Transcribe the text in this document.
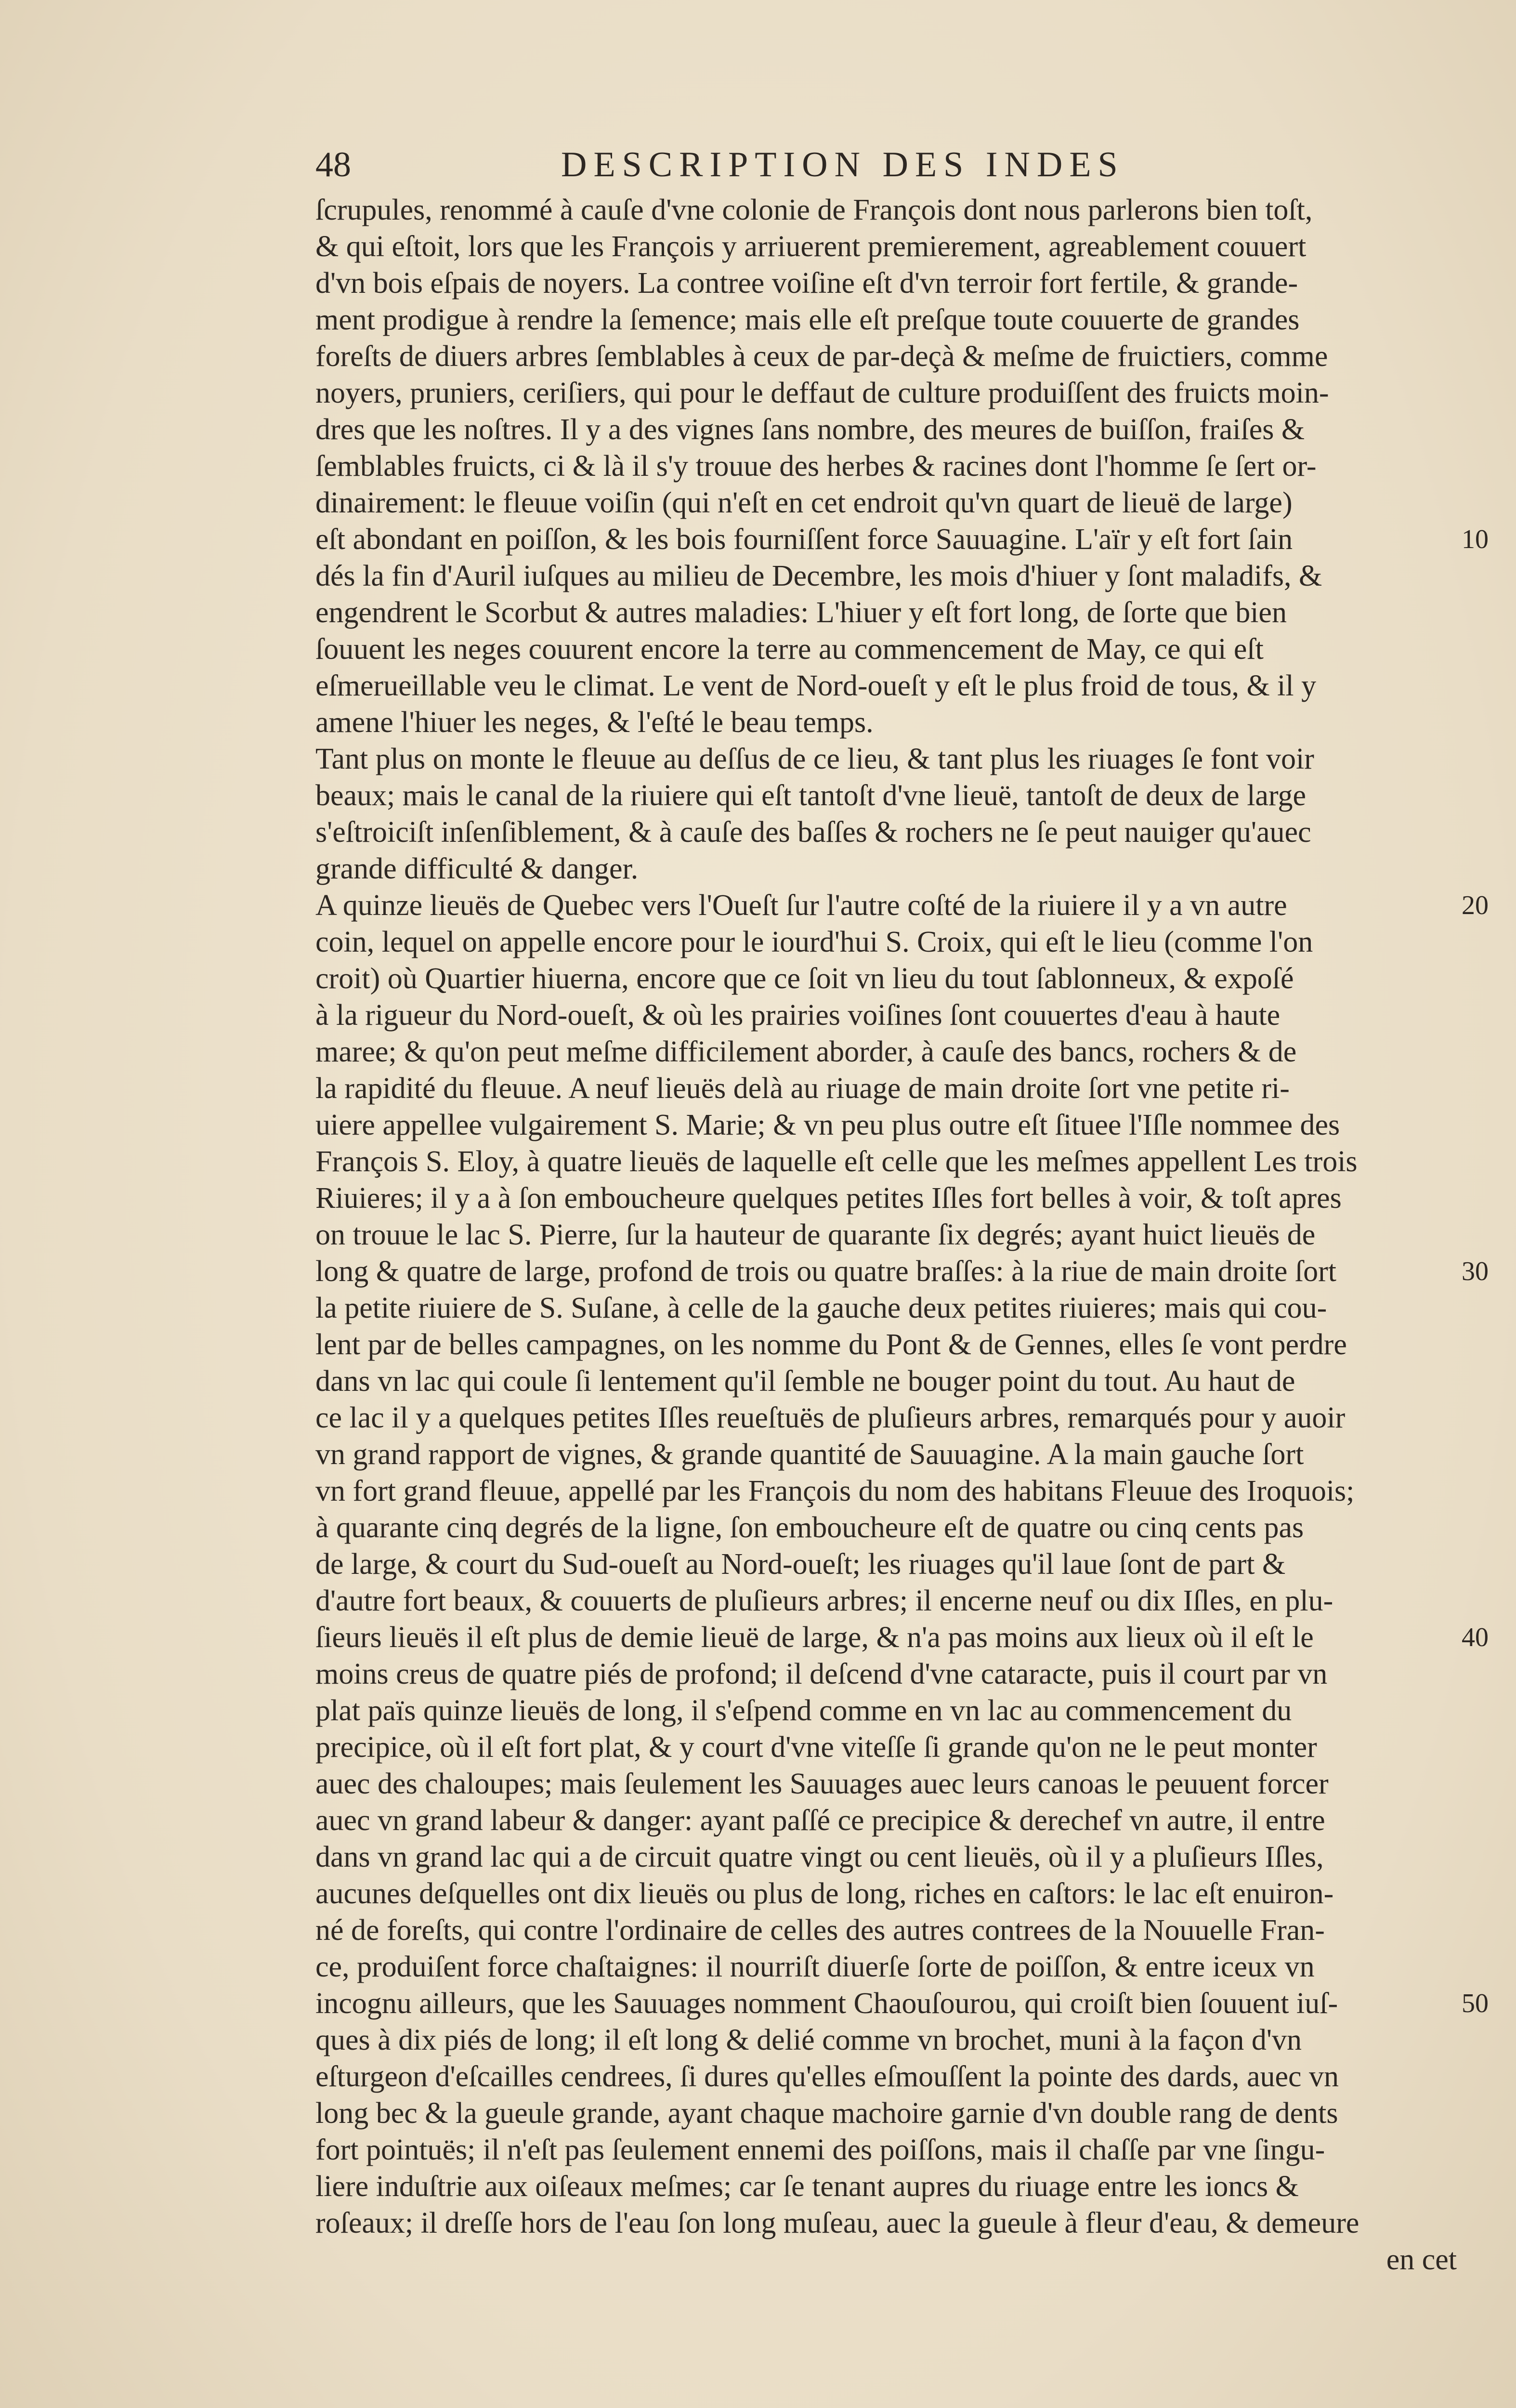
48	DESCRIPTION DES INDES
ſcrupules, renommé à cauſe d'vne colonie de François dont nous parlerons bien toſt,
& qui eſtoit, lors que les François y arriuerent premierement, agreablement couuert
d'vn bois eſpais de noyers. La contree voiſine eſt d'vn terroir fort fertile, & grande-
ment prodigue à rendre la ſemence; mais elle eſt preſque toute couuerte de grandes
foreſts de diuers arbres ſemblables à ceux de par-deçà & meſme de fruictiers, comme
noyers, pruniers, ceriſiers, qui pour le deffaut de culture produiſſent des fruicts moin-
dres que les noſtres. Il y a des vignes ſans nombre, des meures de buiſſon, fraiſes &
ſemblables fruicts, ci & là il s'y trouue des herbes & racines dont l'homme ſe ſert or-
dinairement: le fleuue voiſin (qui n'eſt en cet endroit qu'vn quart de lieuë de large)
eſt abondant en poiſſon, & les bois fourniſſent force Sauuagine. L'aïr y eſt fort ſain
dés la fin d'Auril iuſques au milieu de Decembre, les mois d'hiuer y ſont maladifs, &
engendrent le Scorbut & autres maladies: L'hiuer y eſt fort long, de ſorte que bien
ſouuent les neges couurent encore la terre au commencement de May, ce qui eſt
eſmerueillable veu le climat. Le vent de Nord-oueſt y eſt le plus froid de tous, & il y
amene l'hiuer les neges, & l'eſté le beau temps.
Tant plus on monte le fleuue au deſſus de ce lieu, & tant plus les riuages ſe font voir
beaux; mais le canal de la riuiere qui eſt tantoſt d'vne lieuë, tantoſt de deux de large
s'eſtroiciſt inſenſiblement, & à cauſe des baſſes & rochers ne ſe peut nauiger qu'auec
grande difficulté & danger.
A quinze lieuës de Quebec vers l'Oueſt ſur l'autre coſté de la riuiere il y a vn autre
coin, lequel on appelle encore pour le iourd'hui S. Croix, qui eſt le lieu (comme l'on
croit) où Quartier hiuerna, encore que ce ſoit vn lieu du tout ſablonneux, & expoſé
à la rigueur du Nord-oueſt, & où les prairies voiſines ſont couuertes d'eau à haute
maree; & qu'on peut meſme difficilement aborder, à cauſe des bancs, rochers & de
la rapidité du fleuue. A neuf lieuës delà au riuage de main droite ſort vne petite ri-
uiere appellee vulgairement S. Marie; & vn peu plus outre eſt ſituee l'Iſle nommee des
François S. Eloy, à quatre lieuës de laquelle eſt celle que les meſmes appellent Les trois
Riuieres; il y a à ſon emboucheure quelques petites Iſles fort belles à voir, & toſt apres
on trouue le lac S. Pierre, ſur la hauteur de quarante ſix degrés; ayant huict lieuës de
long & quatre de large, profond de trois ou quatre braſſes: à la riue de main droite ſort
la petite riuiere de S. Suſane, à celle de la gauche deux petites riuieres; mais qui cou-
lent par de belles campagnes, on les nomme du Pont & de Gennes, elles ſe vont perdre
dans vn lac qui coule ſi lentement qu'il ſemble ne bouger point du tout. Au haut de
ce lac il y a quelques petites Iſles reueſtuës de pluſieurs arbres, remarqués pour y auoir
vn grand rapport de vignes, & grande quantité de Sauuagine. A la main gauche ſort
vn fort grand fleuue, appellé par les François du nom des habitans Fleuue des Iroquois;
à quarante cinq degrés de la ligne, ſon emboucheure eſt de quatre ou cinq cents pas
de large, & court du Sud-oueſt au Nord-oueſt; les riuages qu'il laue ſont de part &
d'autre fort beaux, & couuerts de pluſieurs arbres; il encerne neuf ou dix Iſles, en plu-
ſieurs lieuës il eſt plus de demie lieuë de large, & n'a pas moins aux lieux où il eſt le
moins creus de quatre piés de profond; il deſcend d'vne cataracte, puis il court par vn
plat païs quinze lieuës de long, il s'eſpend comme en vn lac au commencement du
precipice, où il eſt fort plat, & y court d'vne viteſſe ſi grande qu'on ne le peut monter
auec des chaloupes; mais ſeulement les Sauuages auec leurs canoas le peuuent forcer
auec vn grand labeur & danger: ayant paſſé ce precipice & derechef vn autre, il entre
dans vn grand lac qui a de circuit quatre vingt ou cent lieuës, où il y a pluſieurs Iſles,
aucunes deſquelles ont dix lieuës ou plus de long, riches en caſtors: le lac eſt enuiron-
né de foreſts, qui contre l'ordinaire de celles des autres contrees de la Nouuelle Fran-
ce, produiſent force chaſtaignes: il nourriſt diuerſe ſorte de poiſſon, & entre iceux vn
incognu ailleurs, que les Sauuages nomment Chaouſourou, qui croiſt bien ſouuent iuſ-
ques à dix piés de long; il eſt long & delié comme vn brochet, muni à la façon d'vn
eſturgeon d'eſcailles cendrees, ſi dures qu'elles eſmouſſent la pointe des dards, auec vn
long bec & la gueule grande, ayant chaque machoire garnie d'vn double rang de dents
fort pointuës; il n'eſt pas ſeulement ennemi des poiſſons, mais il chaſſe par vne ſingu-
liere induſtrie aux oiſeaux meſmes; car ſe tenant aupres du riuage entre les ioncs &
roſeaux; il dreſſe hors de l'eau ſon long muſeau, auec la gueule à fleur d'eau, & demeure
en cet
10
20
30
40
50
